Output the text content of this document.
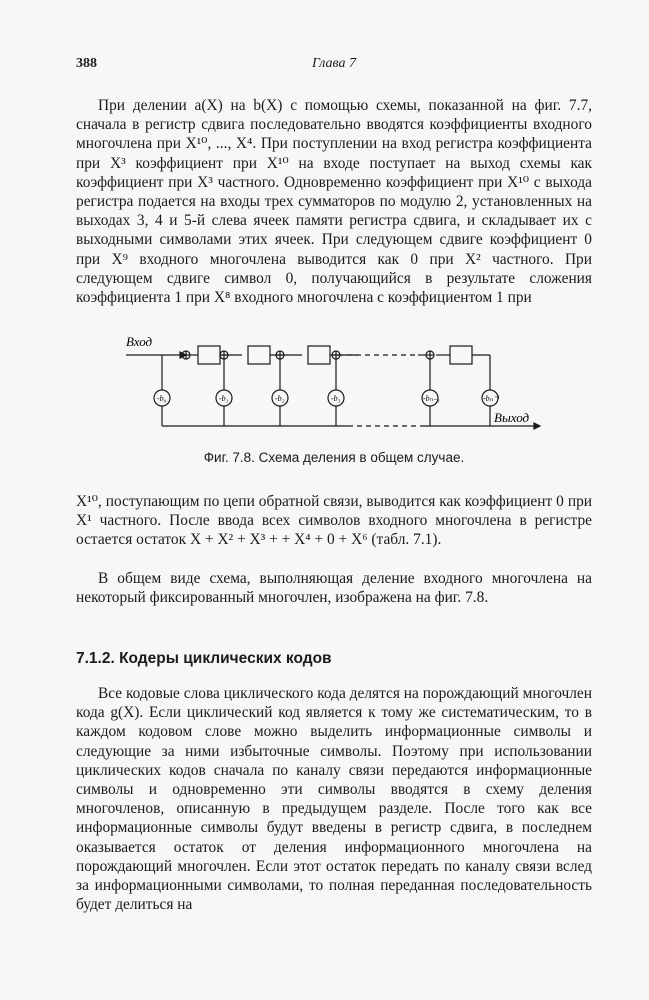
388	Глава 7

При делении a(X) на b(X) с помощью схемы, показанной на фиг. 7.7, сначала в регистр сдвига последовательно вводятся коэффициенты входного многочлена при X¹⁰, ..., X⁴. При поступлении на вход регистра коэффициента при X³ коэффициент при X¹⁰ на входе поступает на выход схемы как коэффициент при X³ частного. Одновременно коэффициент при X¹⁰ с выхода регистра подается на входы трех сумматоров по модулю 2, установленных на выходах 3, 4 и 5-й слева ячеек памяти регистра сдвига, и складывает их с выходными символами этих ячеек. При следующем сдвиге коэффициент 0 при X⁹ входного многочлена выводится как 0 при X² частного. При следующем сдвиге символ 0, получающийся в результате сложения коэффициента 1 при X⁸ входного многочлена с коэффициентом 1 при

Вход
-b₀	-b₁	-b₂	-b₃	-bₙ₋₁	-bₙ⁻¹
Выход
Фиг. 7.8. Схема деления в общем случае.

X¹⁰, поступающим по цепи обратной связи, выводится как коэффициент 0 при X¹ частного. После ввода всех символов входного многочлена в регистре остается остаток X + X² + X³ + + X⁴ + 0 + X⁶ (табл. 7.1).

В общем виде схема, выполняющая деление входного многочлена на некоторый фиксированный многочлен, изображена на фиг. 7.8.

7.1.2. Кодеры циклических кодов

Все кодовые слова циклического кода делятся на порождающий многочлен кода g(X). Если циклический код является к тому же систематическим, то в каждом кодовом слове можно выделить информационные символы и следующие за ними избыточные символы. Поэтому при использовании циклических кодов сначала по каналу связи передаются информационные символы и одновременно эти символы вводятся в схему деления многочленов, описанную в предыдущем разделе. После того как все информационные символы будут введены в регистр сдвига, в последнем оказывается остаток от деления информационного многочлена на порождающий многочлен. Если этот остаток передать по каналу связи вслед за информационными символами, то полная переданная последовательность будет делиться на
